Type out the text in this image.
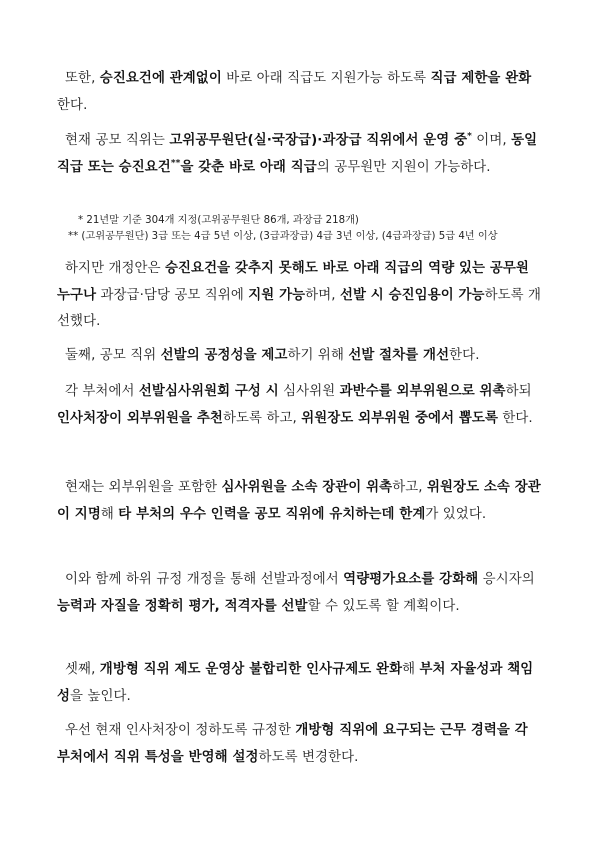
또한, 승진요건에 관계없이 바로 아래 직급도 지원가능 하도록 직급 제한을 완화한다.
현재 공모 직위는 고위공무원단(실·국장급)·과장급 직위에서 운영 중* 이며, 동일 직급 또는 승진요건**을 갖춘 바로 아래 직급의 공무원만 지원이 가능하다.
* 21년말 기준 304개 지정(고위공무원단 86개, 과장급 218개)
** (고위공무원단) 3급 또는 4급 5년 이상, (3급과장급) 4급 3년 이상, (4급과장급) 5급 4년 이상
하지만 개정안은 승진요건을 갖추지 못해도 바로 아래 직급의 역량 있는 공무원 누구나 과장급·담당 공모 직위에 지원 가능하며, 선발 시 승진임용이 가능하도록 개선했다.
둘째, 공모 직위 선발의 공정성을 제고하기 위해 선발 절차를 개선한다.
각 부처에서 선발심사위원회 구성 시 심사위원 과반수를 외부위원으로 위촉하되 인사처장이 외부위원을 추천하도록 하고, 위원장도 외부위원 중에서 뽑도록 한다.
현재는 외부위원을 포함한 심사위원을 소속 장관이 위촉하고, 위원장도 소속 장관이 지명해 타 부처의 우수 인력을 공모 직위에 유치하는데 한계가 있었다.
이와 함께 하위 규정 개정을 통해 선발과정에서 역량평가요소를 강화해 응시자의 능력과 자질을 정확히 평가, 적격자를 선발할 수 있도록 할 계획이다.
셋째, 개방형 직위 제도 운영상 불합리한 인사규제도 완화해 부처 자율성과 책임성을 높인다.
우선 현재 인사처장이 정하도록 규정한 개방형 직위에 요구되는 근무 경력을 각 부처에서 직위 특성을 반영해 설정하도록 변경한다.
